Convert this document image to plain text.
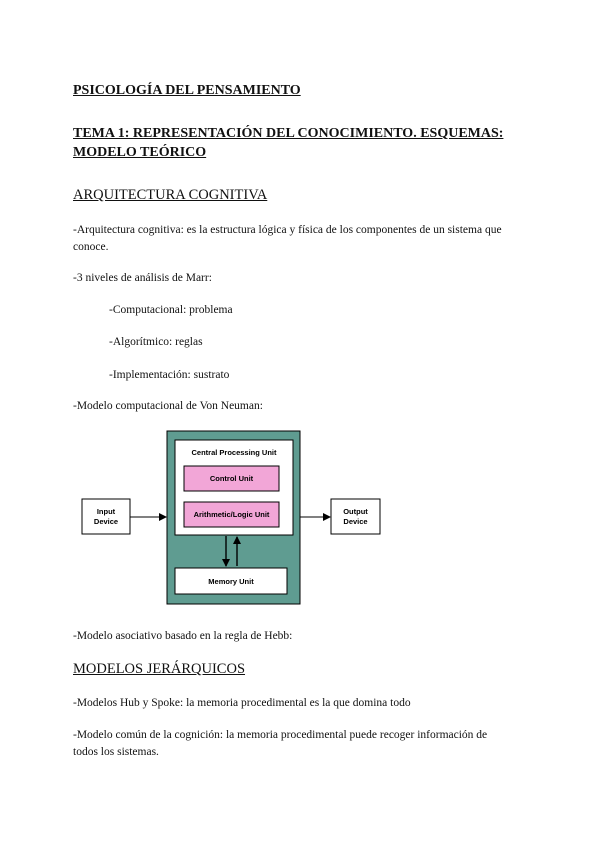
PSICOLOGÍA DEL PENSAMIENTO

TEMA 1: REPRESENTACIÓN DEL CONOCIMIENTO. ESQUEMAS:

MODELO TEÓRICO

ARQUITECTURA COGNITIVA

-Arquitectura cognitiva: es la estructura lógica y física de los componentes de un sistema que

conoce.

-3 niveles de análisis de Marr:

-Computacional: problema

-Algorítmico: reglas

-Implementación: sustrato

-Modelo computacional de Von Neuman:

Central Processing Unit
Control Unit
Arithmetic/Logic Unit
Memory Unit
Input
Device
Output
Device

-Modelo asociativo basado en la regla de Hebb:

MODELOS JERÁRQUICOS

-Modelos Hub y Spoke: la memoria procedimental es la que domina todo

-Modelo común de la cognición: la memoria procedimental puede recoger información de

todos los sistemas.
